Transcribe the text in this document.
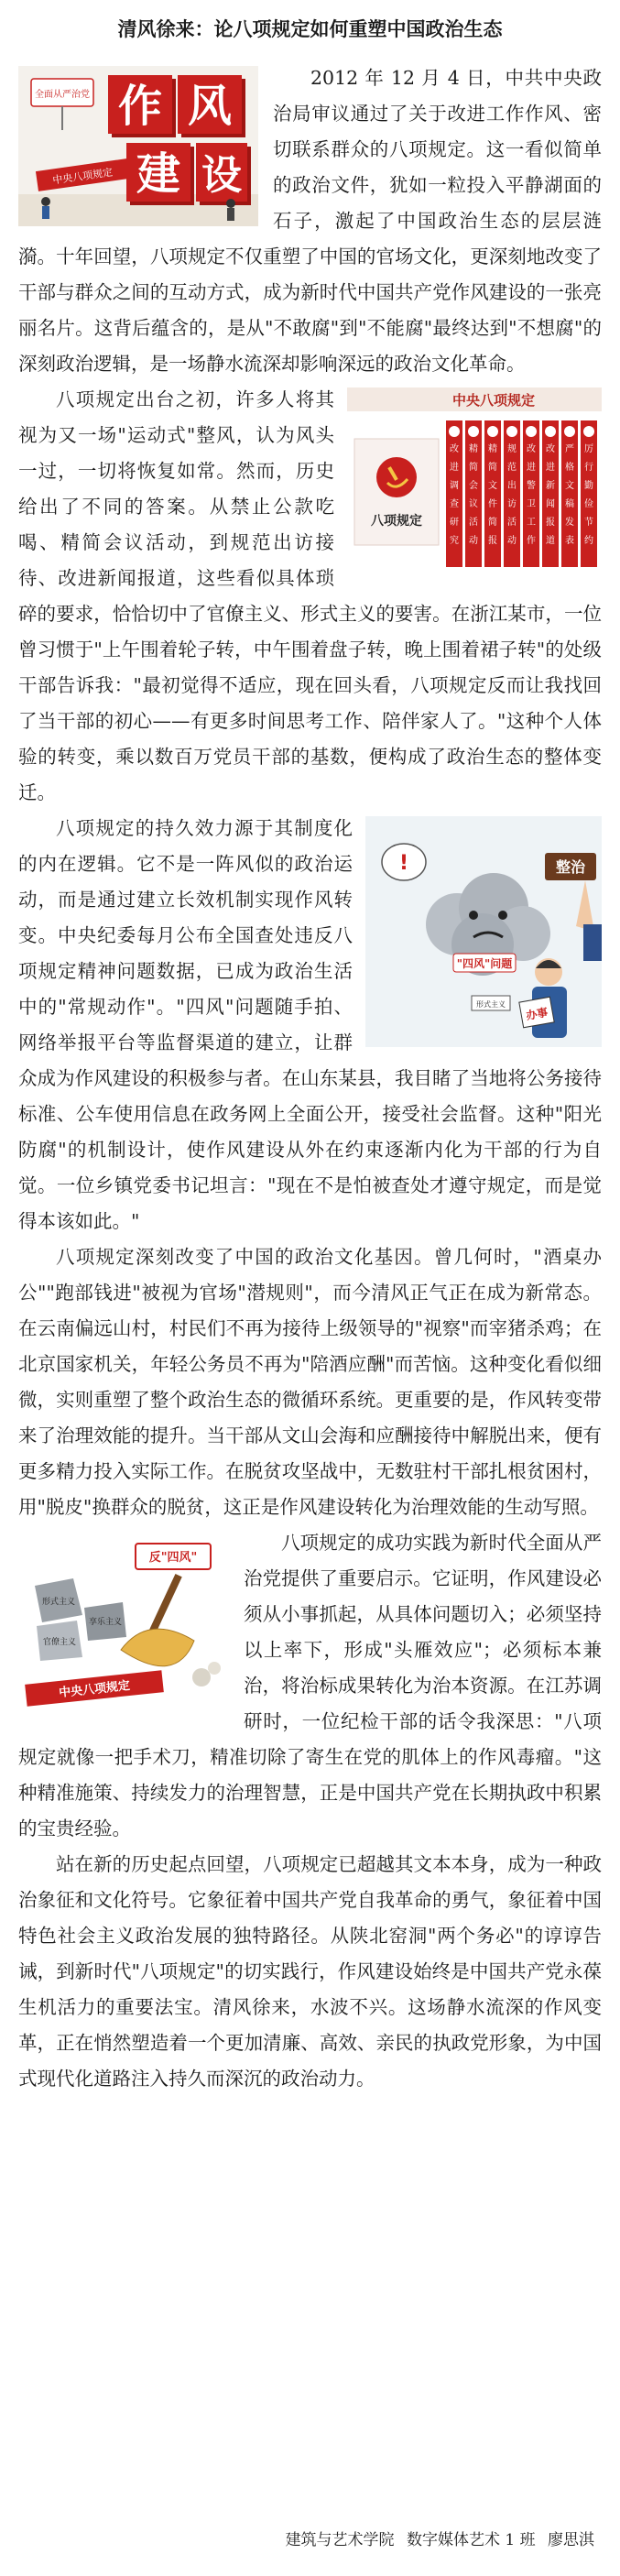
清风徐来：论八项规定如何重塑中国政治生态

全面从严治党 作 风
建 设
中央八项规定
2012 年 12 月 4 日，中共中央政治局审议通过了关于改进工作作风、密切联系群众的八项规定。这一看似简单的政治文件，犹如一粒投入平静湖面的石子，激起了中国政治生态的层层涟漪。十年回望，八项规定不仅重塑了中国的官场文化，更深刻地改变了干部与群众之间的互动方式，成为新时代中国共产党作风建设的一张亮丽名片。这背后蕴含的，是从"不敢腐"到"不能腐"最终达到"不想腐"的深刻政治逻辑，是一场静水流深却影响深远的政治文化革命。

中央八项规定
八项规定
改进调查研究
精简会议活动
精简文件简报
规范出访活动
改进警卫工作
改进新闻报道
严格文稿发表
厉行勤俭节约
八项规定出台之初，许多人将其视为又一场"运动式"整风，认为风头一过，一切将恢复如常。然而，历史给出了不同的答案。从禁止公款吃喝、精简会议活动，到规范出访接待、改进新闻报道，这些看似具体琐碎的要求，恰恰切中了官僚主义、形式主义的要害。在浙江某市，一位曾习惯于"上午围着轮子转，中午围着盘子转，晚上围着裙子转"的处级干部告诉我："最初觉得不适应，现在回头看，八项规定反而让我找回了当干部的初心——有更多时间思考工作、陪伴家人了。"这种个人体验的转变，乘以数百万党员干部的基数，便构成了政治生态的整体变迁。

!
"四风"问题
整治
办事
形式主义
八项规定的持久效力源于其制度化的内在逻辑。它不是一阵风似的政治运动，而是通过建立长效机制实现作风转变。中央纪委每月公布全国查处违反八项规定精神问题数据，已成为政治生活中的"常规动作"。"四风"问题随手拍、网络举报平台等监督渠道的建立，让群众成为作风建设的积极参与者。在山东某县，我目睹了当地将公务接待标准、公车使用信息在政务网上全面公开，接受社会监督。这种"阳光防腐"的机制设计，使作风建设从外在约束逐渐内化为干部的行为自觉。一位乡镇党委书记坦言："现在不是怕被查处才遵守规定，而是觉得本该如此。"

八项规定深刻改变了中国的政治文化基因。曾几何时，"酒桌办公""跑部钱进"被视为官场"潜规则"，而今清风正气正在成为新常态。在云南偏远山村，村民们不再为接待上级领导的"视察"而宰猪杀鸡；在北京国家机关，年轻公务员不再为"陪酒应酬"而苦恼。这种变化看似细微，实则重塑了整个政治生态的微循环系统。更重要的是，作风转变带来了治理效能的提升。当干部从文山会海和应酬接待中解脱出来，便有更多精力投入实际工作。在脱贫攻坚战中，无数驻村干部扎根贫困村，用"脱皮"换群众的脱贫，这正是作风建设转化为治理效能的生动写照。

反"四风"
形式主义
官僚主义
享乐主义
中央八项规定
八项规定的成功实践为新时代全面从严治党提供了重要启示。它证明，作风建设必须从小事抓起，从具体问题切入；必须坚持以上率下，形成"头雁效应"；必须标本兼治，将治标成果转化为治本资源。在江苏调研时，一位纪检干部的话令我深思："八项规定就像一把手术刀，精准切除了寄生在党的肌体上的作风毒瘤。"这种精准施策、持续发力的治理智慧，正是中国共产党在长期执政中积累的宝贵经验。

站在新的历史起点回望，八项规定已超越其文本本身，成为一种政治象征和文化符号。它象征着中国共产党自我革命的勇气，象征着中国特色社会主义政治发展的独特路径。从陕北窑洞"两个务必"的谆谆告诫，到新时代"八项规定"的切实践行，作风建设始终是中国共产党永葆生机活力的重要法宝。清风徐来，水波不兴。这场静水流深的作风变革，正在悄然塑造着一个更加清廉、高效、亲民的执政党形象，为中国式现代化道路注入持久而深沉的政治动力。

建筑与艺术学院 数字媒体艺术 1 班 廖思淇
